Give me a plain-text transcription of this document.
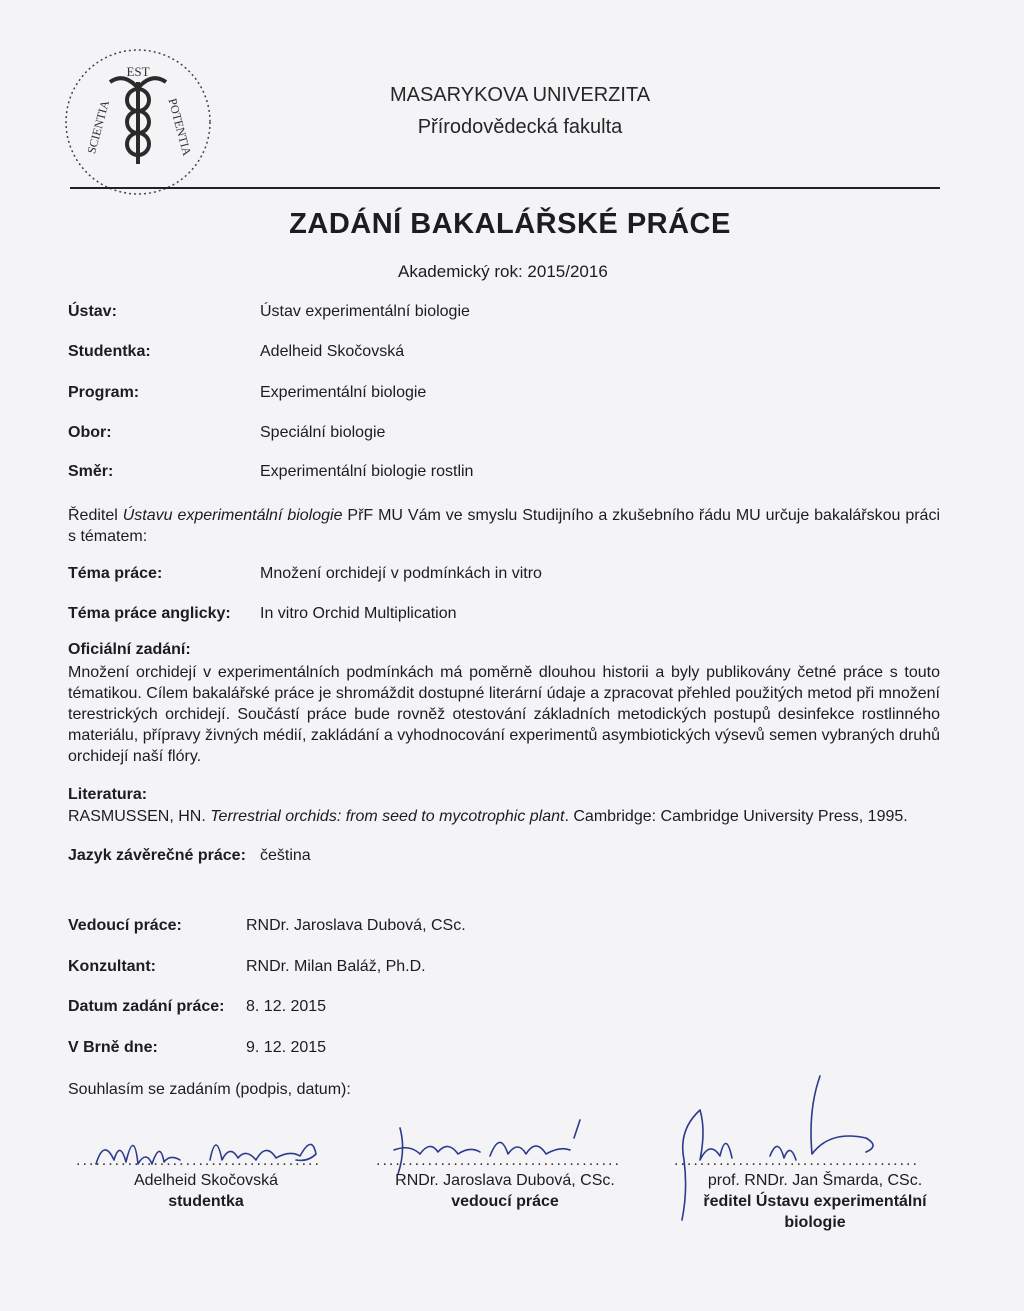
EST
SCIENTIA	POTENTIA
MASARYKOVA UNIVERZITA
Přírodovědecká fakulta
ZADÁNÍ BAKALÁŘSKÉ PRÁCE
Akademický rok: 2015/2016
Ústav:	Ústav experimentální biologie
Studentka:	Adelheid Skočovská
Program:	Experimentální biologie
Obor:	Speciální biologie
Směr:	Experimentální biologie rostlin
Ředitel Ústavu experimentální biologie PřF MU Vám ve smyslu Studijního a zkušebního řádu MU určuje bakalářskou práci s tématem:
Téma práce:	Množení orchidejí v podmínkách in vitro
Téma práce anglicky: In vitro Orchid Multiplication
Oficiální zadání:
Množení orchidejí v experimentálních podmínkách má poměrně dlouhou historii a byly publikovány četné práce s touto tématikou. Cílem bakalářské práce je shromáždit dostupné literární údaje a zpracovat přehled použitých metod při množení terestrických orchidejí. Součástí práce bude rovněž otestování základních metodických postupů desinfekce rostlinného materiálu, přípravy živných médií, zakládání a vyhodnocování experimentů asymbiotických výsevů semen vybraných druhů orchidejí naší flóry.
Literatura:
RASMUSSEN, HN. Terrestrial orchids: from seed to mycotrophic plant. Cambridge: Cambridge University Press, 1995.
Jazyk závěrečné práce: čeština
Vedoucí práce:	RNDr. Jaroslava Dubová, CSc.
Konzultant:	RNDr. Milan Baláž, Ph.D.
Datum zadání práce: 8. 12. 2015
V Brně dne:	9. 12. 2015
Souhlasím se zadáním (podpis, datum):
......................................
Adelheid Skočovská
studentka
......................................
RNDr. Jaroslava Dubová, CSc.
vedoucí práce
......................................
prof. RNDr. Jan Šmarda, CSc.
ředitel Ústavu experimentální
biologie
